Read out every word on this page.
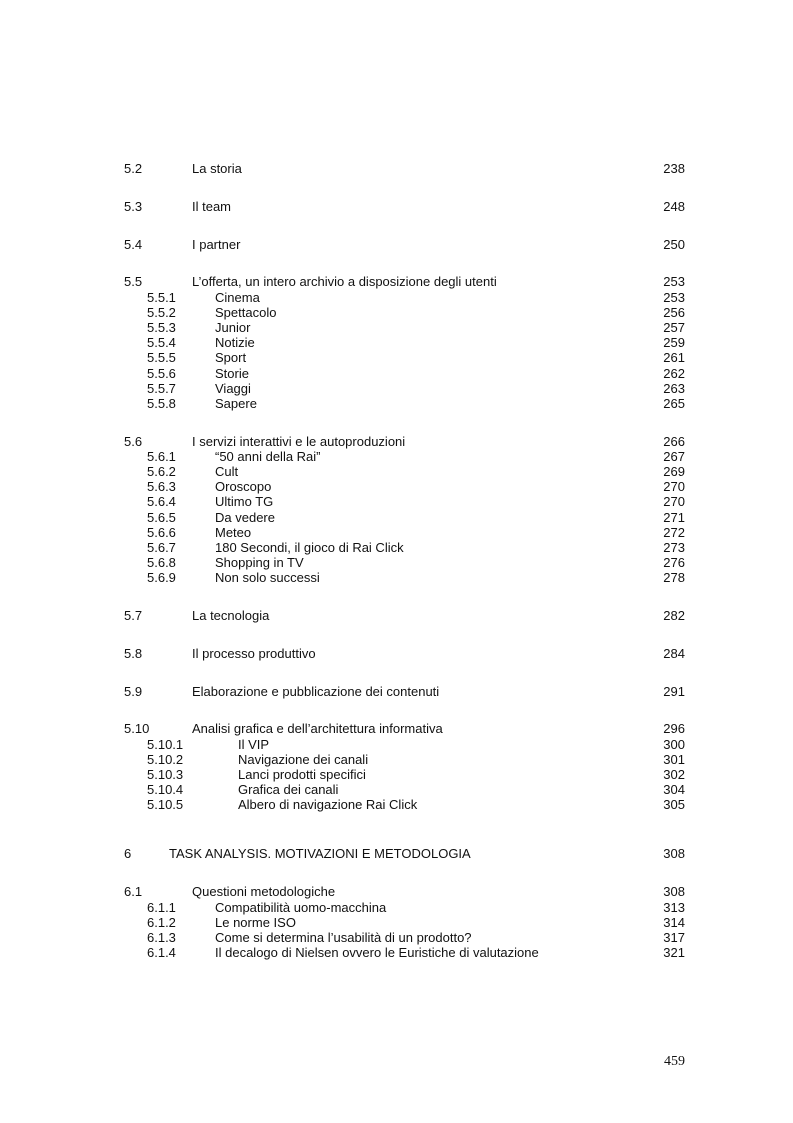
5.2	La storia	238
5.3	Il team	248
5.4	I partner	250
5.5	L’offerta, un intero archivio a disposizione degli utenti	253
5.5.1	Cinema	253
5.5.2	Spettacolo	256
5.5.3	Junior	257
5.5.4	Notizie	259
5.5.5	Sport	261
5.5.6	Storie	262
5.5.7	Viaggi	263
5.5.8	Sapere	265
5.6	I servizi interattivi e le autoproduzioni	266
5.6.1	“50 anni della Rai”	267
5.6.2	Cult	269
5.6.3	Oroscopo	270
5.6.4	Ultimo TG	270
5.6.5	Da vedere	271
5.6.6	Meteo	272
5.6.7	180 Secondi, il gioco di Rai Click	273
5.6.8	Shopping in TV	276
5.6.9	Non solo successi	278
5.7	La tecnologia	282
5.8	Il processo produttivo	284
5.9	Elaborazione e pubblicazione dei contenuti	291
5.10	Analisi grafica e dell’architettura informativa	296
5.10.1	Il VIP	300
5.10.2	Navigazione dei canali	301
5.10.3	Lanci prodotti specifici	302
5.10.4	Grafica dei canali	304
5.10.5	Albero di navigazione Rai Click	305
6	TASK ANALYSIS. MOTIVAZIONI E METODOLOGIA	308
6.1	Questioni metodologiche	308
6.1.1	Compatibilità uomo-macchina	313
6.1.2	Le norme ISO	314
6.1.3	Come si determina l’usabilità di un prodotto?	317
6.1.4	Il decalogo di Nielsen ovvero le Euristiche di valutazione	321
459
